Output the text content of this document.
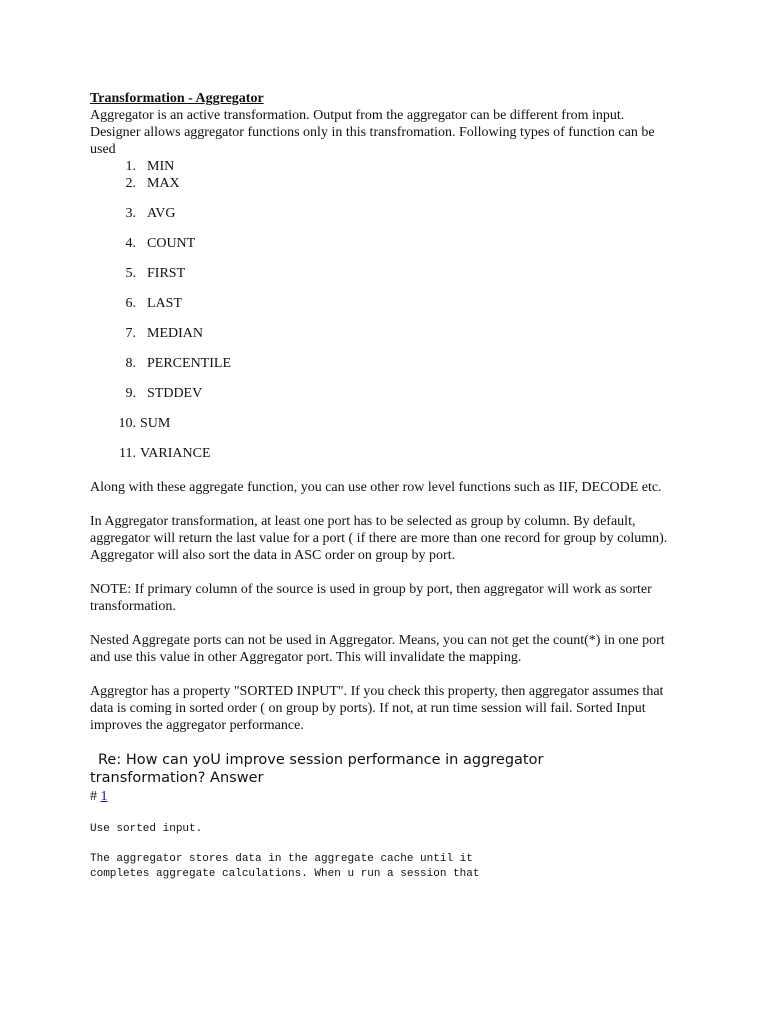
Transformation - Aggregator

Aggregator is an active transformation. Output from the aggregator can be different from input. Designer allows aggregator functions only in this transfromation. Following types of function can be used

1. MIN
2. MAX
3. AVG
4. COUNT
5. FIRST
6. LAST
7. MEDIAN
8. PERCENTILE
9. STDDEV
10. SUM
11. VARIANCE

Along with these aggregate function, you can use other row level functions such as IIF, DECODE etc.

In Aggregator transformation, at least one port has to be selected as group by column. By default, aggregator will return the last value for a port ( if there are more than one record for group by column). Aggregator will also sort the data in ASC order on group by port.

NOTE: If primary column of the source is used in group by port, then aggregator will work as sorter transformation.

Nested Aggregate ports can not be used in Aggregator. Means, you can not get the count(*) in one port and use this value in other Aggregator port. This will invalidate the mapping.

Aggregtor has a property "SORTED INPUT". If you check this property, then aggregator assumes that data is coming in sorted order ( on group by ports). If not, at run time session will fail. Sorted Input improves the aggregator performance.

Re: How can yoU improve session performance in aggregator
transformation? Answer
# 1

Use sorted input.

The aggregator stores data in the aggregate cache until it

completes aggregate calculations. When u run a session that
